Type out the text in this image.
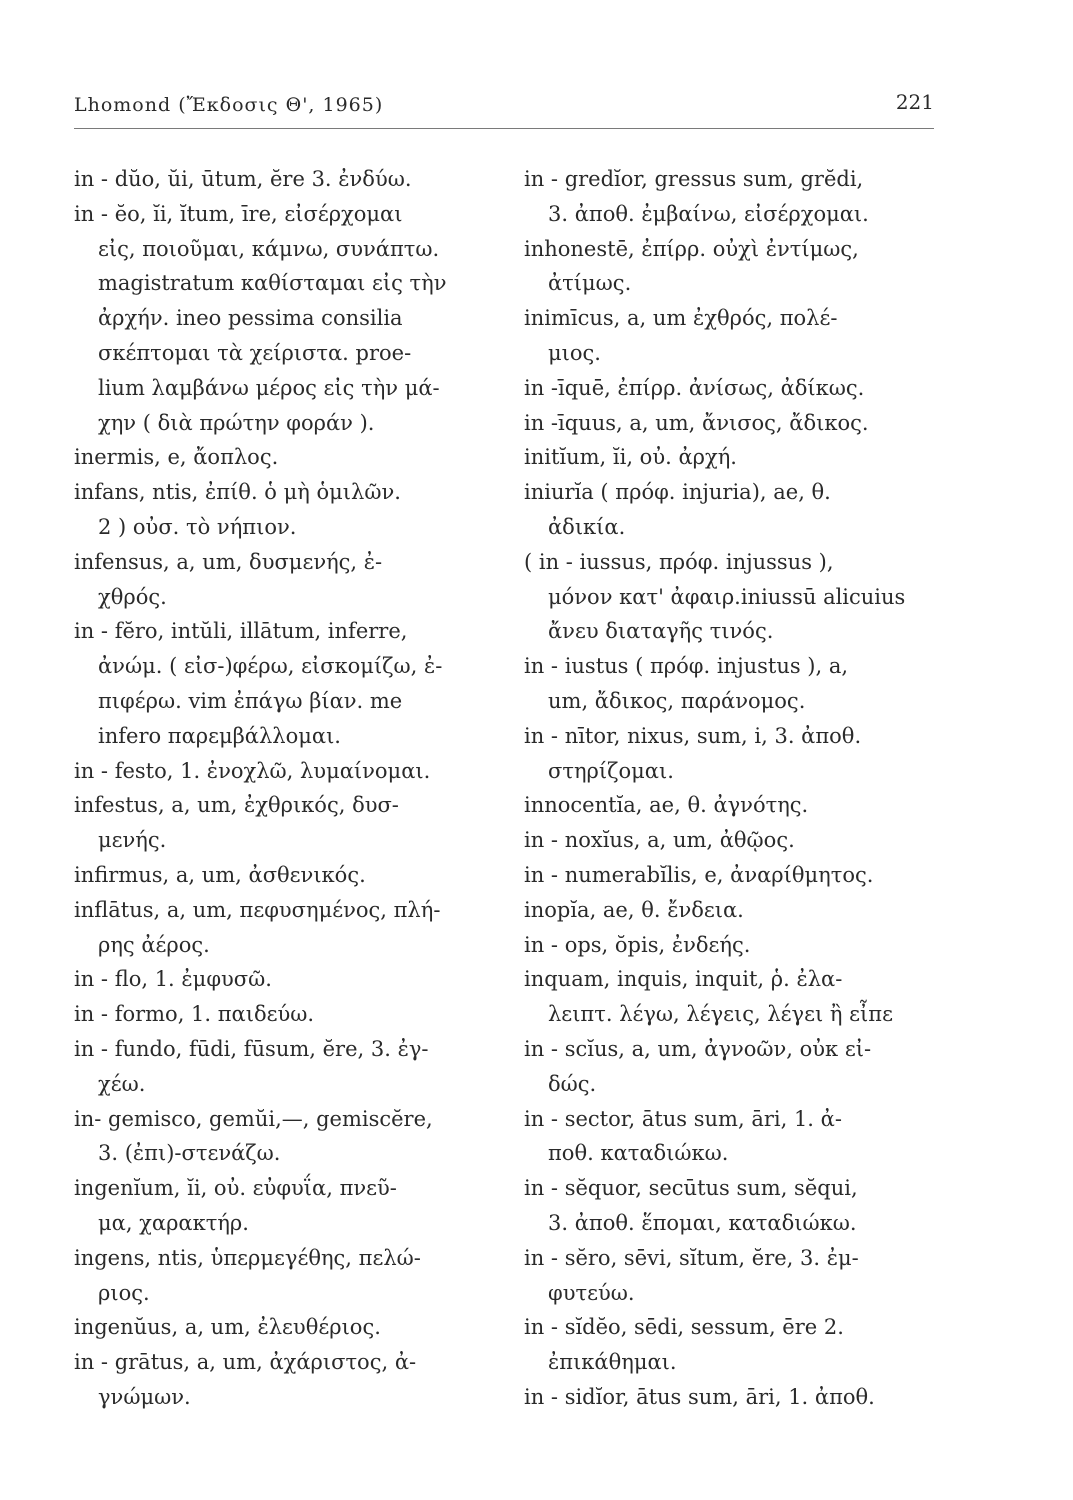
Lhomond (Ἔκδοσις Θ', 1965)	221
in - dŭo, ŭi, ūtum, ĕre 3. ἐνδύω.
in - ĕo, ĭi, ĭtum, īre, εἰσέρχομαι
εἰς, ποιοῦμαι, κάμνω, συνάπτω.
magistratum καθίσταμαι εἰς τὴν
ἀρχήν. ineo pessima consilia
σκέπτομαι τὰ χείριστα. proe-
lium λαμβάνω μέρος εἰς τὴν μά-
χην ( διὰ πρώτην φοράν ).
inermis, e, ἄοπλος.
infans, ntis, ἐπίθ. ὁ μὴ ὁμιλῶν.
2 ) οὐσ. τὸ νήπιον.
infensus, a, um, δυσμενής, ἐ-
χθρός.
in - fĕro, intŭli, illātum, inferre,
ἀνώμ. ( εἰσ-)φέρω, εἰσκομίζω, ἐ-
πιφέρω. vim ἐπάγω βίαν. me
infero παρεμβάλλομαι.
in - festo, 1. ἐνοχλῶ, λυμαίνομαι.
infestus, a, um, ἐχθρικός, δυσ-
μενής.
infirmus, a, um, ἀσθενικός.
inflātus, a, um, πεφυσημένος, πλή-
ρης ἀέρος.
in - flo, 1. ἐμφυσῶ.
in - formo, 1. παιδεύω.
in - fundo, fūdi, fūsum, ĕre, 3. ἐγ-
χέω.
in- gemisco, gemŭi,—, gemiscĕre,
3. (ἐπι)-στενάζω.
ingenĭum, ĭi, οὐ. εὐφυΐα, πνεῦ-
μα, χαρακτήρ.
ingens, ntis, ὑπερμεγέθης, πελώ-
ριος.
ingenŭus, a, um, ἐλευθέριος.
in - grātus, a, um, ἀχάριστος, ἀ-
γνώμων.
in - gredĭor, gressus sum, grĕdi,
3. ἀποθ. ἐμβαίνω, εἰσέρχομαι.
inhonestē, ἐπίρρ. οὐχὶ ἐντίμως,
ἀτίμως.
inimīcus, a, um ἐχθρός, πολέ-
μιος.
in -īquē, ἐπίρρ. ἀνίσως, ἀδίκως.
in -īquus, a, um, ἄνισος, ἄδικος.
initĭum, ĭi, οὐ. ἀρχή.
iniurĭa ( πρόφ. injuria), ae, θ.
ἀδικία.
( in - iussus, πρόφ. injussus ),
μόνον κατ' ἀφαιρ.iniussū alicuius
ἄνευ διαταγῆς τινός.
in - iustus ( πρόφ. injustus ), a,
um, ἄδικος, παράνομος.
in - nītor, nixus, sum, i, 3. ἀποθ.
στηρίζομαι.
innocentĭa, ae, θ. ἀγνότης.
in - noxĭus, a, um, ἀθῷος.
in - numerabĭlis, e, ἀναρίθμητος.
inopĭa, ae, θ. ἔνδεια.
in - ops, ŏpis, ἐνδεής.
inquam, inquis, inquit, ῥ. ἐλα-
λειπτ. λέγω, λέγεις, λέγει ἢ εἶπε
in - scĭus, a, um, ἀγνοῶν, οὐκ εἰ-
δώς.
in - sector, ātus sum, āri, 1. ἀ-
ποθ. καταδιώκω.
in - sĕquor, secūtus sum, sĕqui,
3. ἀποθ. ἕπομαι, καταδιώκω.
in - sĕro, sēvi, sĭtum, ĕre, 3. ἐμ-
φυτεύω.
in - sĭdĕo, sēdi, sessum, ēre 2.
ἐπικάθημαι.
in - sidĭor, ātus sum, āri, 1. ἀποθ.
